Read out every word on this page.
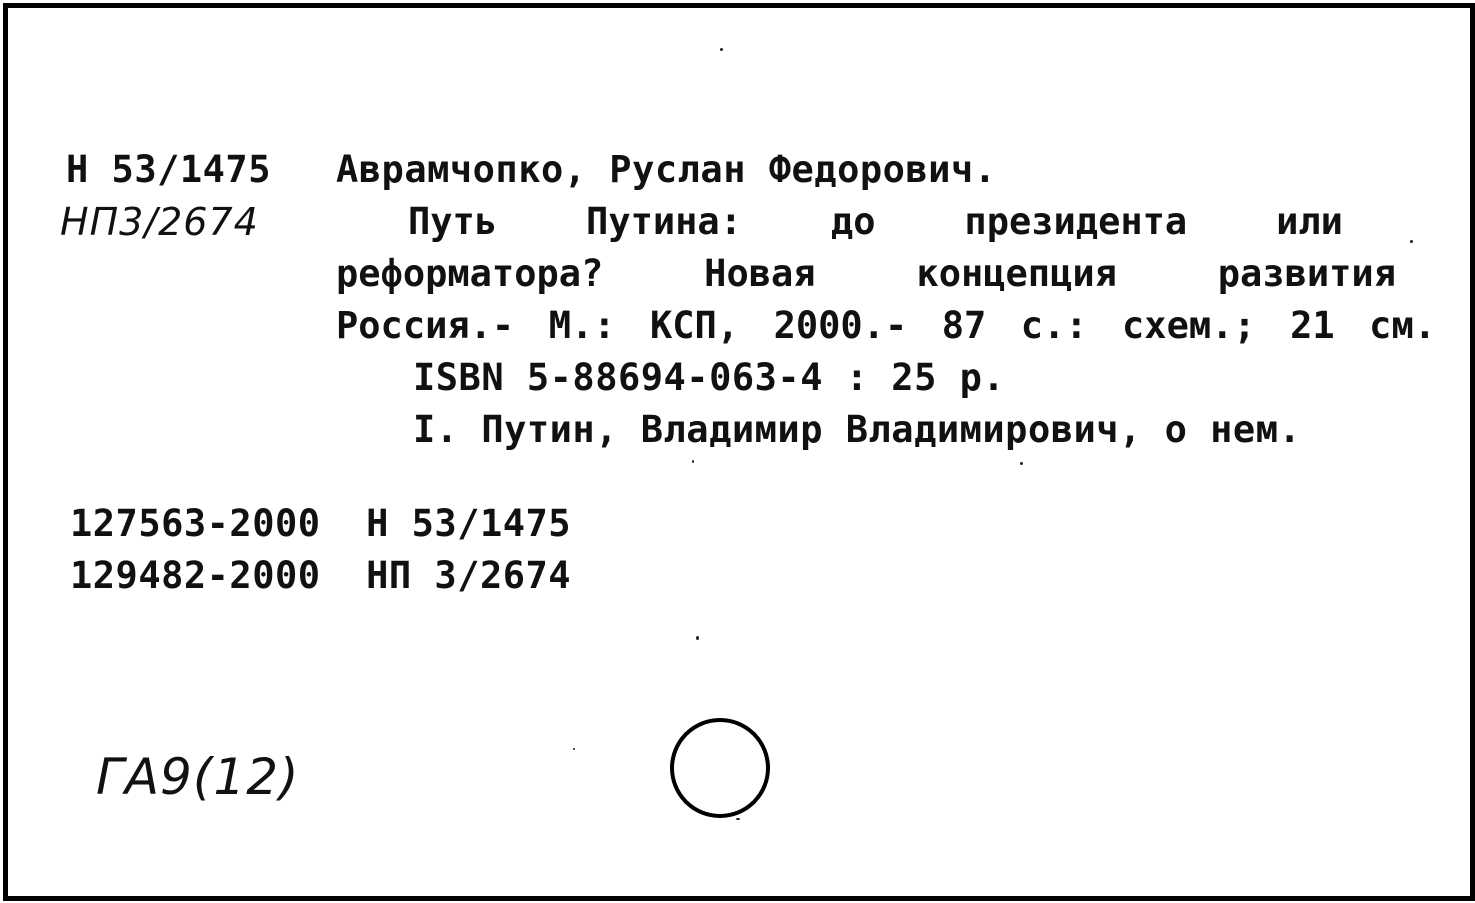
Н 53/1475
НП3/2674
Аврамчопко, Руслан Федорович.
Путь Путина: до президента или
реформатора?	Новая	концепция	развития
Россия.- М.: КСП, 2000.- 87 с.: схем.; 21 см.
ISBN 5-88694-063-4 : 25 р.
I. Путин, Владимир Владимирович, о нем.
127563-2000  Н 53/1475
129482-2000  НП 3/2674
ГА9(12)
